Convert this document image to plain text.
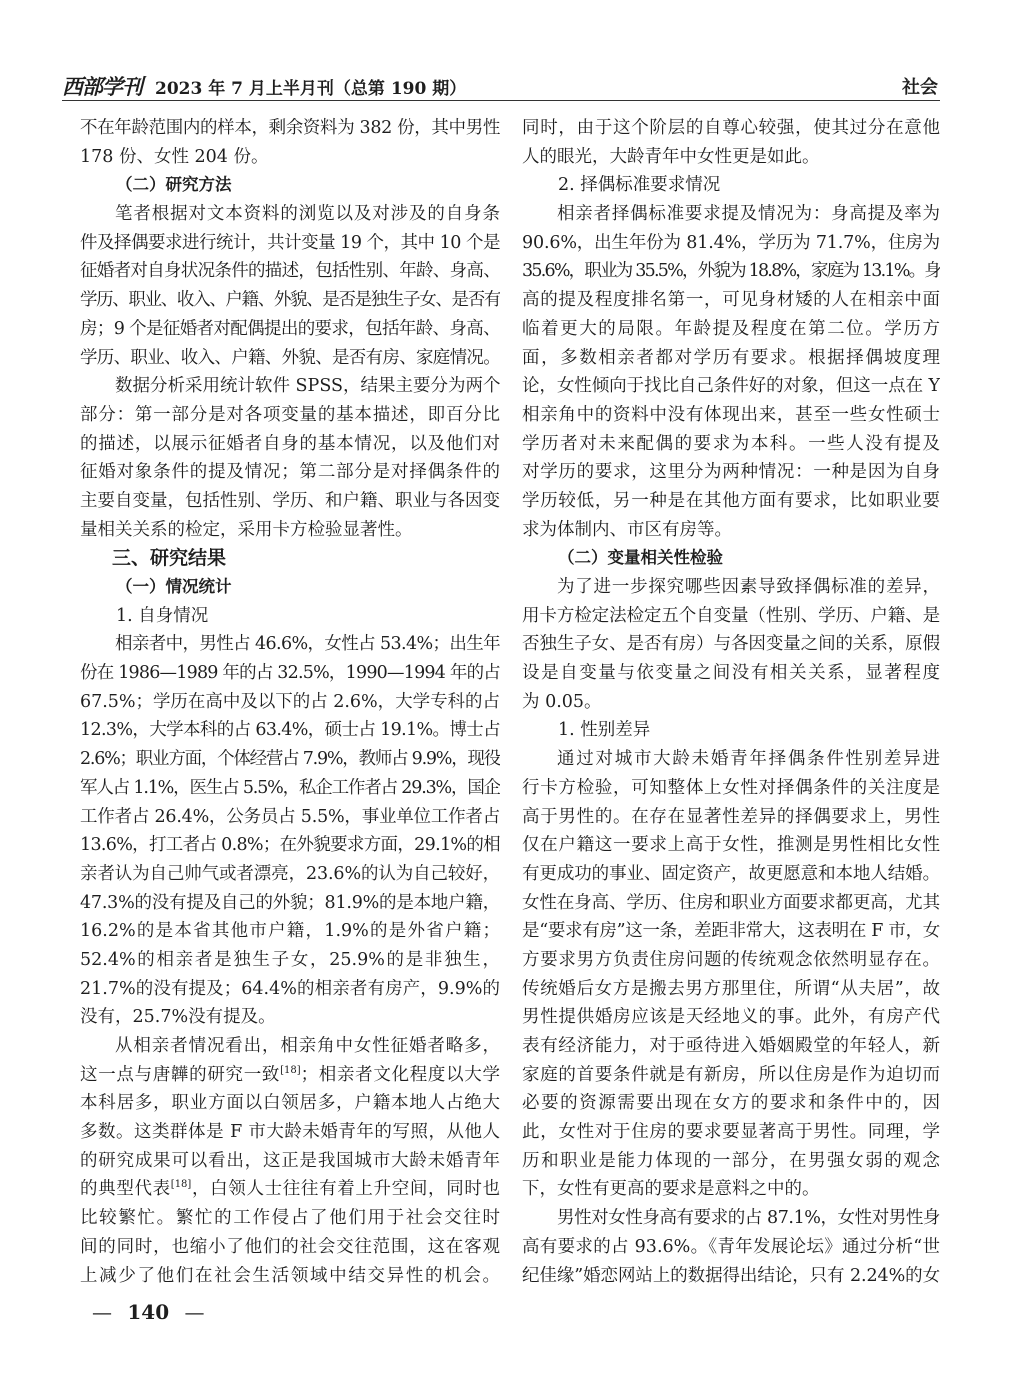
西部学刊 2023 年 7 月上半月刊（总第 190 期）	社会
不在年龄范围内的样本，剩余资料为 382 份，其中男性
178 份、女性 204 份。
（二）研究方法
笔者根据对文本资料的浏览以及对涉及的自身条
件及择偶要求进行统计，共计变量 19 个，其中 10 个是
征婚者对自身状况条件的描述，包括性别、年龄、身高、
学历、职业、收入、户籍、外貌、是否是独生子女、是否有
房；9 个是征婚者对配偶提出的要求，包括年龄、身高、
学历、职业、收入、户籍、外貌、是否有房、家庭情况。
数据分析采用统计软件 SPSS，结果主要分为两个
部分：第一部分是对各项变量的基本描述，即百分比
的描述，以展示征婚者自身的基本情况，以及他们对
征婚对象条件的提及情况；第二部分是对择偶条件的
主要自变量，包括性别、学历、和户籍、职业与各因变
量相关关系的检定，采用卡方检验显著性。
三、研究结果
（一）情况统计
1. 自身情况
相亲者中，男性占 46.6%，女性占 53.4%；出生年
份在 1986—1989 年的占 32.5%，1990—1994 年的占
67.5%；学历在高中及以下的占 2.6%，大学专科的占
12.3%，大学本科的占 63.4%，硕士占 19.1%。博士占
2.6%；职业方面，个体经营占 7.9%，教师占 9.9%，现役
军人占 1.1%，医生占 5.5%，私企工作者占 29.3%，国企
工作者占 26.4%，公务员占 5.5%，事业单位工作者占
13.6%，打工者占 0.8%；在外貌要求方面，29.1%的相
亲者认为自己帅气或者漂亮，23.6%的认为自己较好，
47.3%的没有提及自己的外貌；81.9%的是本地户籍，
16.2%的是本省其他市户籍，1.9%的是外省户籍；
52.4%的相亲者是独生子女，25.9%的是非独生，
21.7%的没有提及；64.4%的相亲者有房产，9.9%的
没有，25.7%没有提及。
从相亲者情况看出，相亲角中女性征婚者略多，
这一点与唐韡的研究一致[18]；相亲者文化程度以大学
本科居多，职业方面以白领居多，户籍本地人占绝大
多数。这类群体是 F 市大龄未婚青年的写照，从他人
的研究成果可以看出，这正是我国城市大龄未婚青年
的典型代表[18]，白领人士往往有着上升空间，同时也
比较繁忙。繁忙的工作侵占了他们用于社会交往时
间的同时，也缩小了他们的社会交往范围，这在客观
上减少了他们在社会生活领域中结交异性的机会。
同时，由于这个阶层的自尊心较强，使其过分在意他
人的眼光，大龄青年中女性更是如此。
2. 择偶标准要求情况
相亲者择偶标准要求提及情况为：身高提及率为
90.6%，出生年份为 81.4%，学历为 71.7%，住房为
35.6%，职业为 35.5%，外貌为 18.8%，家庭为 13.1%。身
高的提及程度排名第一，可见身材矮的人在相亲中面
临着更大的局限。年龄提及程度在第二位。学历方
面，多数相亲者都对学历有要求。根据择偶坡度理
论，女性倾向于找比自己条件好的对象，但这一点在 Y
相亲角中的资料中没有体现出来，甚至一些女性硕士
学历者对未来配偶的要求为本科。一些人没有提及
对学历的要求，这里分为两种情况：一种是因为自身
学历较低，另一种是在其他方面有要求，比如职业要
求为体制内、市区有房等。
（二）变量相关性检验
为了进一步探究哪些因素导致择偶标准的差异，
用卡方检定法检定五个自变量（性别、学历、户籍、是
否独生子女、是否有房）与各因变量之间的关系，原假
设是自变量与依变量之间没有相关关系，显著程度
为 0.05。
1. 性别差异
通过对城市大龄未婚青年择偶条件性别差异进
行卡方检验，可知整体上女性对择偶条件的关注度是
高于男性的。在存在显著性差异的择偶要求上，男性
仅在户籍这一要求上高于女性，推测是男性相比女性
有更成功的事业、固定资产，故更愿意和本地人结婚。
女性在身高、学历、住房和职业方面要求都更高，尤其
是“要求有房”这一条，差距非常大，这表明在 F 市，女
方要求男方负责住房问题的传统观念依然明显存在。
传统婚后女方是搬去男方那里住，所谓“从夫居”，故
男性提供婚房应该是天经地义的事。此外，有房产代
表有经济能力，对于亟待进入婚姻殿堂的年轻人，新
家庭的首要条件就是有新房，所以住房是作为迫切而
必要的资源需要出现在女方的要求和条件中的，因
此，女性对于住房的要求要显著高于男性。同理，学
历和职业是能力体现的一部分，在男强女弱的观念
下，女性有更高的要求是意料之中的。
男性对女性身高有要求的占 87.1%，女性对男性身
高有要求的占 93.6%。《青年发展论坛》通过分析“世
纪佳缘”婚恋网站上的数据得出结论，只有 2.24%的女
— 140 —
